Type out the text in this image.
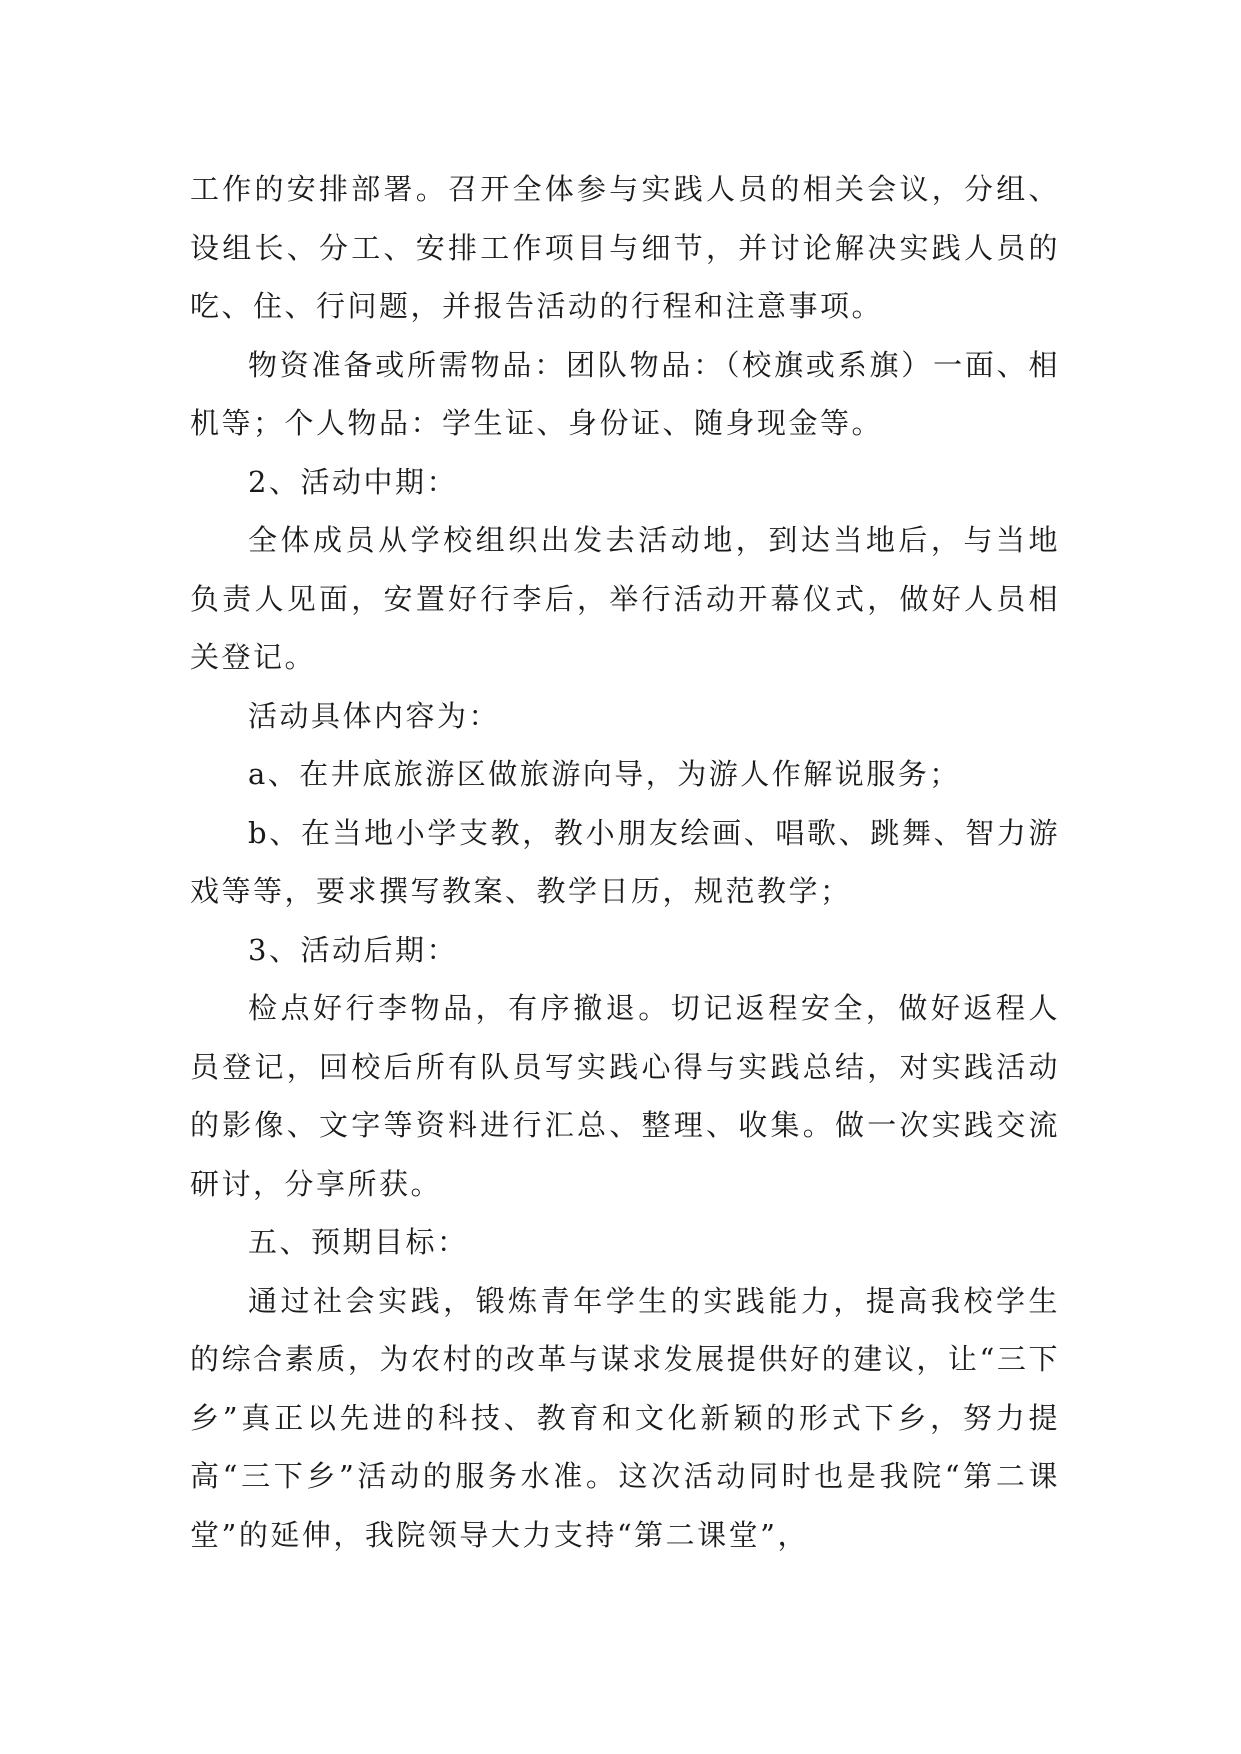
工作的安排部署。召开全体参与实践人员的相关会议，分组、设组长、分工、安排工作项目与细节，并讨论解决实践人员的吃、住、行问题，并报告活动的行程和注意事项。

物资准备或所需物品：团队物品：（校旗或系旗）一面、相机等；个人物品：学生证、身份证、随身现金等。

2、活动中期：

全体成员从学校组织出发去活动地，到达当地后，与当地负责人见面，安置好行李后，举行活动开幕仪式，做好人员相关登记。

活动具体内容为：

a、在井底旅游区做旅游向导，为游人作解说服务；

b、在当地小学支教，教小朋友绘画、唱歌、跳舞、智力游戏等等，要求撰写教案、教学日历，规范教学；

3、活动后期：

检点好行李物品，有序撤退。切记返程安全，做好返程人员登记，回校后所有队员写实践心得与实践总结，对实践活动的影像、文字等资料进行汇总、整理、收集。做一次实践交流研讨，分享所获。

五、预期目标：

通过社会实践，锻炼青年学生的实践能力，提高我校学生的综合素质，为农村的改革与谋求发展提供好的建议，让“三下乡”真正以先进的科技、教育和文化新颖的形式下乡，努力提高“三下乡”活动的服务水准。这次活动同时也是我院“第二课堂”的延伸，我院领导大力支持“第二课堂”，
